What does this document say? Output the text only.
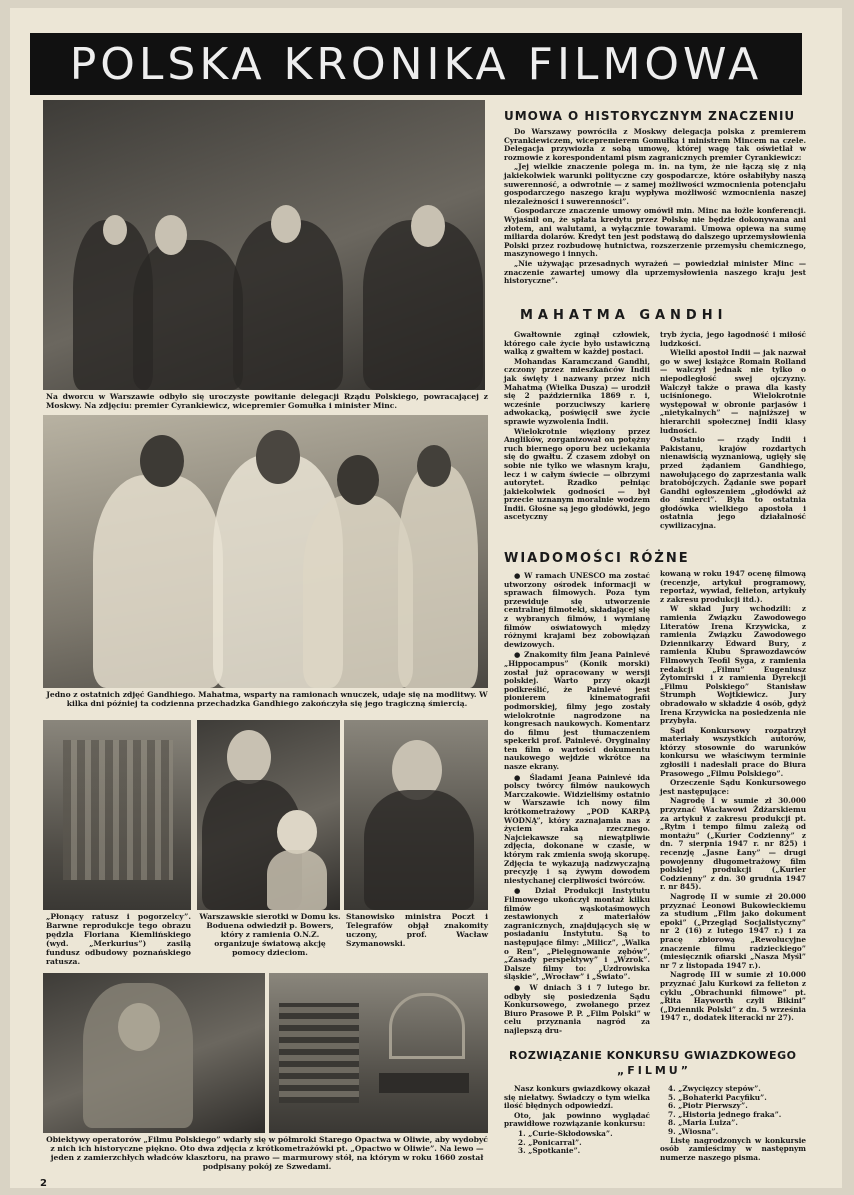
POLSKA KRONIKA FILMOWA
Na dworcu w Warszawie odbyło się uroczyste powitanie delegacji Rządu Polskiego, powracającej z Moskwy. Na zdjęciu: premier Cyrankiewicz, wicepremier Gomułka i minister Minc.
Jedno z ostatnich zdjęć Gandhiego. Mahatma, wsparty na ramionach wnuczek, udaje się na modlitwy. W kilka dni później ta codzienna przechadzka Gandhiego zakończyła się jego tragiczną śmiercią.
„Płonący ratusz i pogorzelcy”. Barwne reprodukcje tego obrazu pędzla Floriana Kiemlińskiego (wyd. „Merkurius”) zasilą fundusz odbudowy poznańskiego ratusza.
Warszawskie sierotki w Domu ks. Boduena odwiedził p. Bowers, który z ramienia O.N.Z. organizuje światową akcję pomocy dzieciom.
Stanowisko ministra Poczt i Telegrafów objął znakomity uczony, prof. Wacław Szymanowski.
Obiektywy operatorów „Filmu Polskiego” wdarły się w półmroki Starego Opactwa w Oliwie, aby wydobyć z nich ich historyczne piękno. Oto dwa zdjęcia z krótkometrażówki pt. „Opactwo w Oliwie”. Na lewo — jeden z zamierzchłych władców klasztoru, na prawo — marmurowy stół, na którym w roku 1660 został podpisany pokój ze Szwedami.
UMOWA O HISTORYCZNYM ZNACZENIU

Do Warszawy powróciła z Moskwy delegacja polska z premierem Cyrankiewiczem, wicepremierem Gomułką i ministrem Mincem na czele. Delegacja przywiozła z sobą umowę, której wagę tak oświetlał w rozmowie z korespondentami pism zagranicznych premier Cyrankiewicz:

„Jej wielkie znaczenie polega m. in. na tym, że nie łączą się z nią jakiekolwiek warunki polityczne czy gospodarcze, które osłabiłyby naszą suwerenność, a odwrotnie — z samej możliwości wzmocnienia potencjału gospodarczego naszego kraju wypływa możliwość wzmocnienia naszej niezależności i suwerenności”.

Gospodarcze znaczenie umowy omówił min. Minc na łożle konferencji. Wyjaśnił on, że spłata kredytu przez Polskę nie będzie dokonywana ani złotem, ani walutami, a wyłącznie towarami. Umowa opiewa na sumę miliarda dolarów. Kredyt ten jest podstawą do dalszego uprzemysłowienia Polski przez rozbudowę hutnictwa, rozszerzenie przemysłu chemicznego, maszynowego i innych.

„Nie używając przesadnych wyrażeń — powiedział minister Minc — znaczenie zawartej umowy dla uprzemysłowienia naszego kraju jest historyczne”.

MAHATMA GANDHI

Gwałtownie zginął człowiek, którego całe życie było ustawiczną walką z gwałtem w każdej postaci.

Mohandas Karamczand Gandhi, czczony przez mieszkańców Indii jak święty i nazwany przez nich Mahatmą (Wielka Dusza) — urodził się 2 października 1869 r. i, wcześnie porzuciwszy karierę adwokacką, poświęcił swe życie sprawie wyzwolenia Indii.

Wielokrotnie więziony przez Anglików, zorganizował on potężny ruch biernego oporu bez uciekania się do gwałtu. Z czasem zdobył on sobie nie tylko we własnym kraju, lecz i w całym świecie — olbrzymi autorytet. Rzadko pełniąc jakiekolwiek godności — był przecie uznanym moralnie wodzem Indii. Głośne są jego głodówki, jego ascetyczny

tryb życia, jego łagodność i miłość ludzkości.

Wielki apostoł Indii — jak nazwał go w swej książce Romain Rolland — walczył jednak nie tylko o niepodległość swej ojczyzny. Walczył także o prawa dla kasty uciśnionego. Wielokrotnie występował w obronie parjasów i „nietykalnych” — najniższej w hierarchii społecznej Indii klasy ludności.

Ostatnio — rządy Indii i Pakistanu, krajów rozdartych nienawiścią wyznaniową, ugięły się przed żądaniem Gandhiego, nawołującego do zaprzestania walk bratobójczych. Żądanie swe poparł Gandhi ogłoszeniem „głodówki aż do śmierci”. Była to ostatnia głodówka wielkiego apostoła i ostatnia jego działalność cywilizacyjna.

WIADOMOŚCI RÓŻNE

● W ramach UNESCO ma zostać utworzony ośrodek informacji w sprawach filmowych. Poza tym przewiduje się utworzenie centralnej filmoteki, składającej się z wybranych filmów, i wymianę filmów oświatowych między różnymi krajami bez zobowiązań dewizowych.

● Znakomity film Jeana Painlevé „Hippocampus” (Konik morski) został już opracowany w wersji polskiej. Warto przy okazji podkreślić, że Painlevé jest pionierem kinematografii podmorskiej, filmy jego zostały wielokrotnie nagrodzone na kongresach naukowych. Komentarz do filmu jest tłumaczeniem spekerki prof. Painlevé. Oryginalny ten film o wartości dokumentu naukowego wejdzie wkrótce na nasze ekrany.

● Śladami Jeana Painlevé ida polscy twórcy filmów naukowych Marczakowie. Widzieliśmy ostatnio w Warszawie ich nowy film krótkometrażowy „POD KARPĄ WODNĄ”, który zaznajamia nas z życiem raka rzecznego. Najciekawsze są niewątpliwie zdjęcia, dokonane w czasie, w którym rak zmienia swoją skorupę. Zdjęcia te wykazują nadzwyczajną precyzję i są żywym dowodem niestychanej cierpliwości twórców.

● Dział Produkcji Instytutu Filmowego ukończył montaż kilku filmów wąskotaśmowych zestawionych z materiałów zagranicznych, znajdujących się w posiadaniu Instytutu. Są to następujące filmy: „Milicz”, „Walka o Ren”, „Pielęgnowanie zębów”, „Zasady perspektywy” i „Wzrok”. Dalsze filmy to: „Uzdrowiska śląskie”, „Wrocław” i „Świato”.

● W dniach 3 i 7 lutego br. odbyły się posiedzenia Sądu Konkursowego, zwołanego przez Biuro Prasowe P. P. „Film Polski” w celu przyznania nagród za najlepszą dru-

kowaną w roku 1947 ocenę filmową (recenzje, artykuł programowy, reportaż, wywiad, felieton, artykuły z zakresu produkcji itd.).

W skład Jury wchodzili: z ramienia Związku Zawodowego Literatów Irena Krzywicka, z ramienia Związku Zawodowego Dziennikarzy Edward Bury, z ramienia Klubu Sprawozdawców Filmowych Teofil Syga, z ramienia redakcji „Filmu” Eugeniusz Żytomirski i z ramienia Dyrekcji „Filmu Polskiego” Stanisław Strumph Wojtkiewicz. Jury obradowało w składzie 4 osób, gdyż Irena Krzywicka na posiedzenia nie przybyła.

Sąd Konkursowy rozpatrzył materiały wszystkich autorów, którzy stosownie do warunków konkursu we właściwym terminie zgłosili i nadesłali prace do Biura Prasowego „Filmu Polskiego”.

Orzeczenie Sądu Konkursowego jest następujące:

Nagrodę I w sumie zł 30.000 przyznać Wacławowi Żdżarskiemu za artykuł z zakresu produkcji pt. „Rytm i tempo filmu zależą od montażu” („Kurier Codzienny” z dn. 7 sierpnia 1947 r. nr 825) i recenzję „Jasne Łany” — drugi powojenny długometrażowy film polskiej produkcji („Kurier Codzienny” z dn. 30 grudnia 1947 r. nr 845).

Nagrodę II w sumie zł 20.000 przyznać Leonowi Bukowieckiemu za studium „Film jako dokument epoki” („Przegląd Socjalistyczny” nr 2 (16) z lutego 1947 r.) i za pracę zbiorową „Rewolucyjne znaczenie filmu radzieckiego” (miesięcznik ofiarski „Nasza Myśl” nr 7 z listopada 1947 r.).

Nagrodę III w sumie zł 10.000 przyznać Jalu Kurkowi za felieton z cyklu „Obrachunki filmowe” pt. „Rita Hayworth czyli Bikini” („Dziennik Polski” z dn. 5 września 1947 r., dodatek literacki nr 27).

ROZWIĄZANIE KONKURSU GWIAZDKOWEGO
„FILMU”

Nasz konkurs gwiazdkowy okazał się niełatwy. Świadczy o tym wielka ilość błędnych odpowiedzi.

Oto, jak powinno wyglądać prawidłowe rozwiązanie konkursu:

1. „Curie-Skłodowska”.
2. „Ponicarral”.
3. „Spotkanie”.
4. „Zwycięzcy stepów”.
5. „Bohaterki Pacyfiku”.
6. „Piotr Pierwszy”.
7. „Historia jednego fraka”.
8. „Maria Luiza”.
9. „Wiosna”.

Listę nagrodzonych w konkursie osób zamieścimy w następnym numerze naszego pisma.

2
